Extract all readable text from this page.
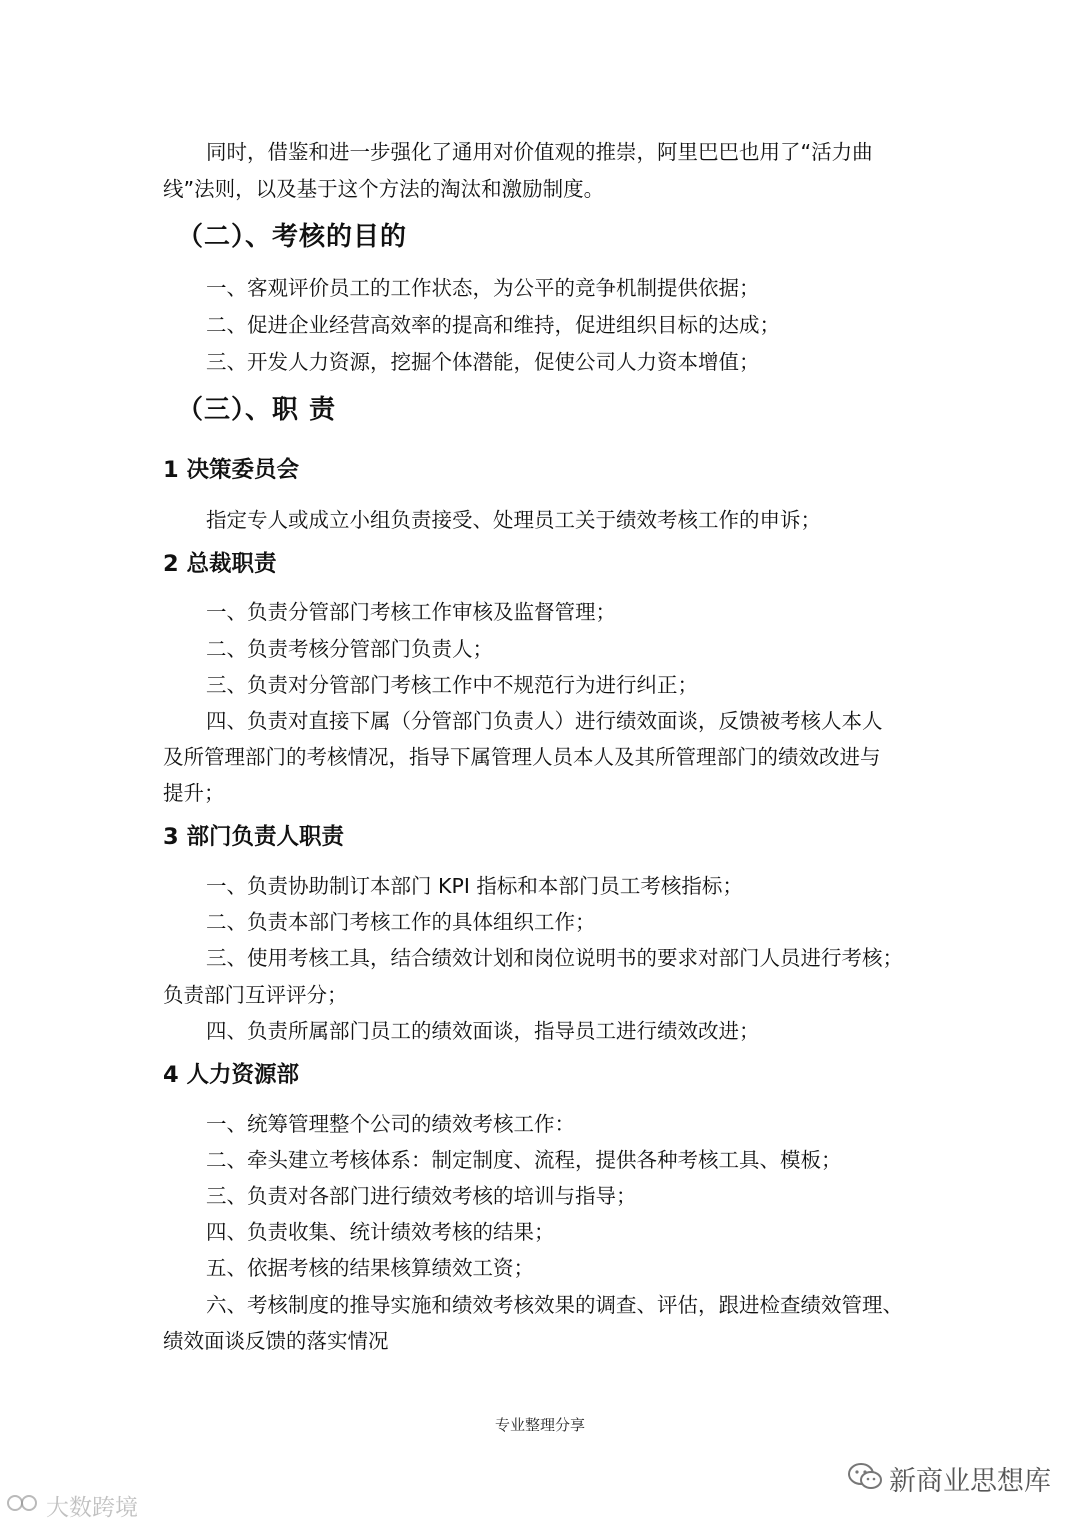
同时，借鉴和进一步强化了通用对价值观的推崇，阿里巴巴也用了“活力曲
线”法则，以及基于这个方法的淘汰和激励制度。
（二）、考核的目的
一、客观评价员工的工作状态，为公平的竞争机制提供依据；
二、促进企业经营高效率的提高和维持，促进组织目标的达成；
三、开发人力资源，挖掘个体潜能，促使公司人力资本增值；
（三）、职 责
1 决策委员会
指定专人或成立小组负责接受、处理员工关于绩效考核工作的申诉；
2 总裁职责
一、负责分管部门考核工作审核及监督管理；
二、负责考核分管部门负责人；
三、负责对分管部门考核工作中不规范行为进行纠正；
四、负责对直接下属（分管部门负责人）进行绩效面谈，反馈被考核人本人
及所管理部门的考核情况，指导下属管理人员本人及其所管理部门的绩效改进与
提升；
3 部门负责人职责
一、负责协助制订本部门 KPI 指标和本部门员工考核指标；
二、负责本部门考核工作的具体组织工作；
三、使用考核工具，结合绩效计划和岗位说明书的要求对部门人员进行考核；
负责部门互评评分；
四、负责所属部门员工的绩效面谈，指导员工进行绩效改进；
4 人力资源部
一、统筹管理整个公司的绩效考核工作：
二、牵头建立考核体系：制定制度、流程，提供各种考核工具、模板；
三、负责对各部门进行绩效考核的培训与指导；
四、负责收集、统计绩效考核的结果；
五、依据考核的结果核算绩效工资；
六、考核制度的推导实施和绩效考核效果的调查、评估，跟进检查绩效管理、
绩效面谈反馈的落实情况
专业整理分享
新商业思想库
大数跨境
